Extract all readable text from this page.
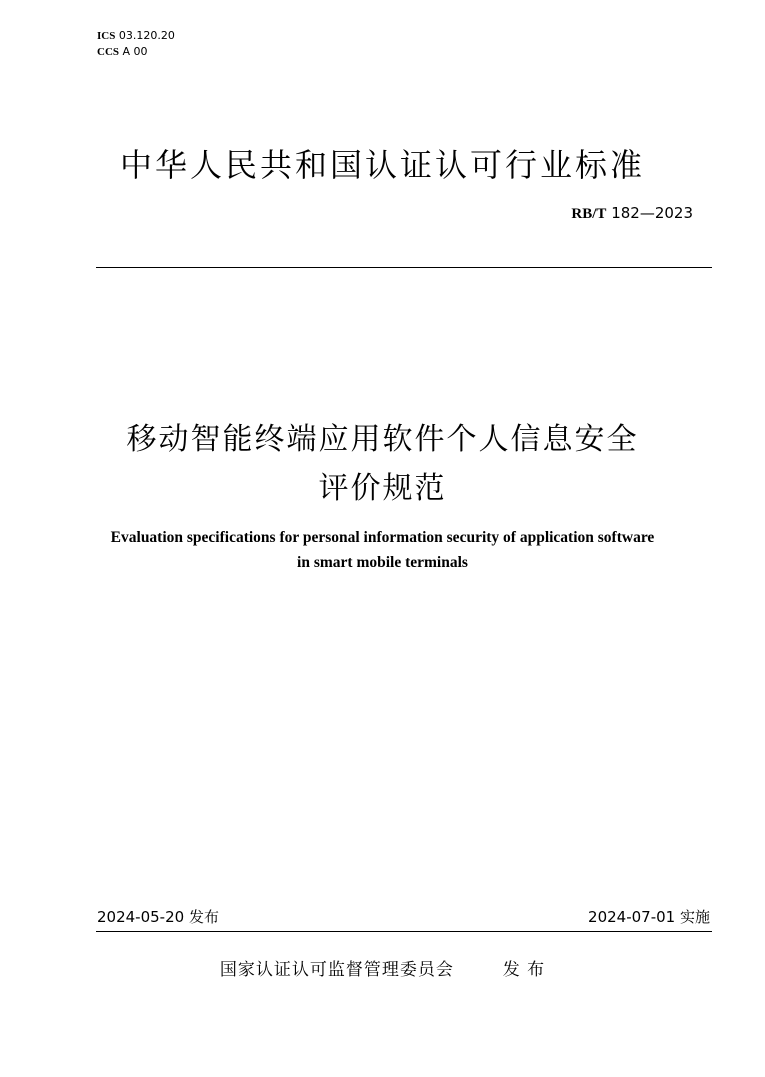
ICS 03.120.20
CCS A 00
中华人民共和国认证认可行业标准
RB/T 182—2023
移动智能终端应用软件个人信息安全
评价规范
Evaluation specifications for personal information security of application software
in smart mobile terminals
2024-05-20 发布	2024-07-01 实施
国家认证认可监督管理委员会	发 布
